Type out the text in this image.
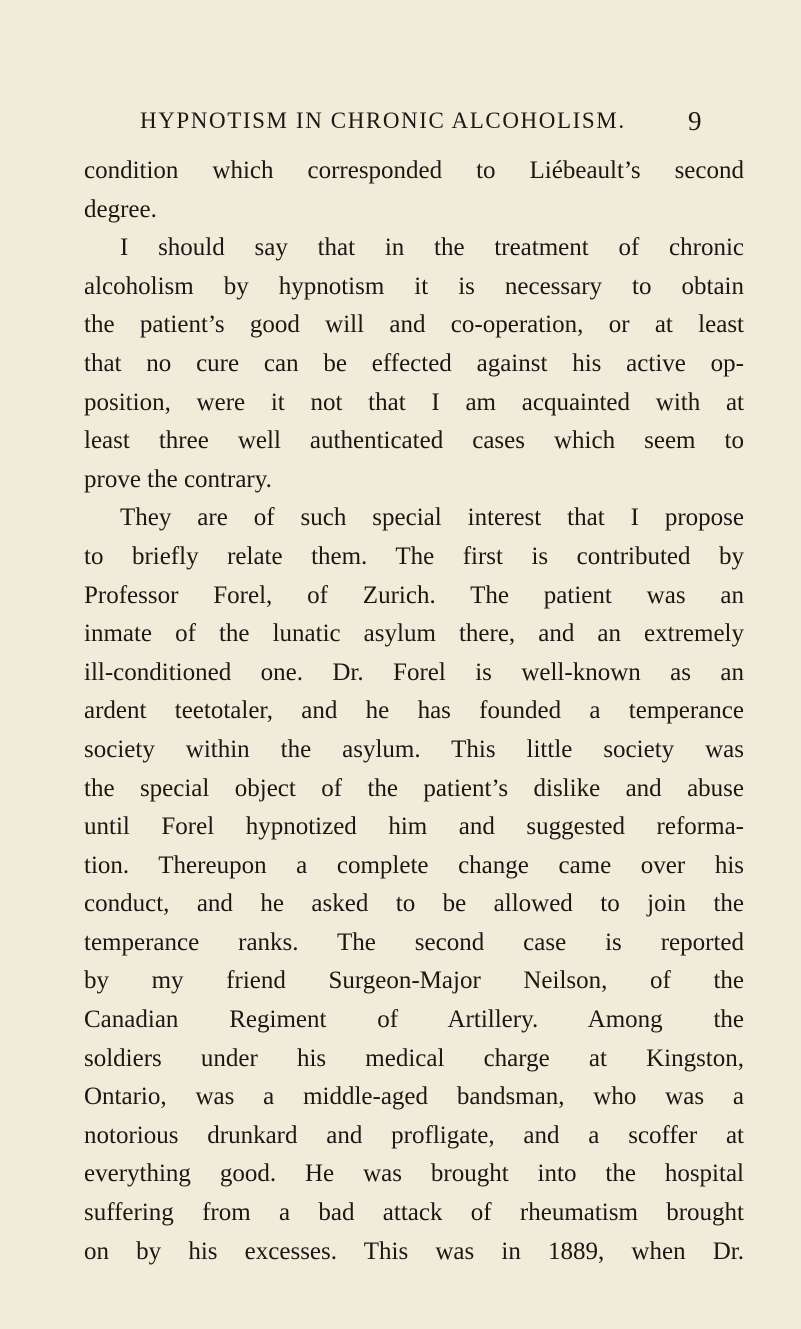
HYPNOTISM IN CHRONIC ALCOHOLISM. 9
condition which corresponded to Liébeault’s second
degree.
I should say that in the treatment of chronic
alcoholism by hypnotism it is necessary to obtain
the patient’s good will and co-operation, or at least
that no cure can be effected against his active op-
position, were it not that I am acquainted with at
least three well authenticated cases which seem to
prove the contrary.
They are of such special interest that I propose
to briefly relate them. The first is contributed by
Professor Forel, of Zurich. The patient was an
inmate of the lunatic asylum there, and an extremely
ill-conditioned one. Dr. Forel is well-known as an
ardent teetotaler, and he has founded a temperance
society within the asylum. This little society was
the special object of the patient’s dislike and abuse
until Forel hypnotized him and suggested reforma-
tion. Thereupon a complete change came over his
conduct, and he asked to be allowed to join the
temperance ranks. The second case is reported
by my friend Surgeon-Major Neilson, of the
Canadian Regiment of Artillery. Among the
soldiers under his medical charge at Kingston,
Ontario, was a middle-aged bandsman, who was a
notorious drunkard and profligate, and a scoffer at
everything good. He was brought into the hospital
suffering from a bad attack of rheumatism brought
on by his excesses. This was in 1889, when Dr.
